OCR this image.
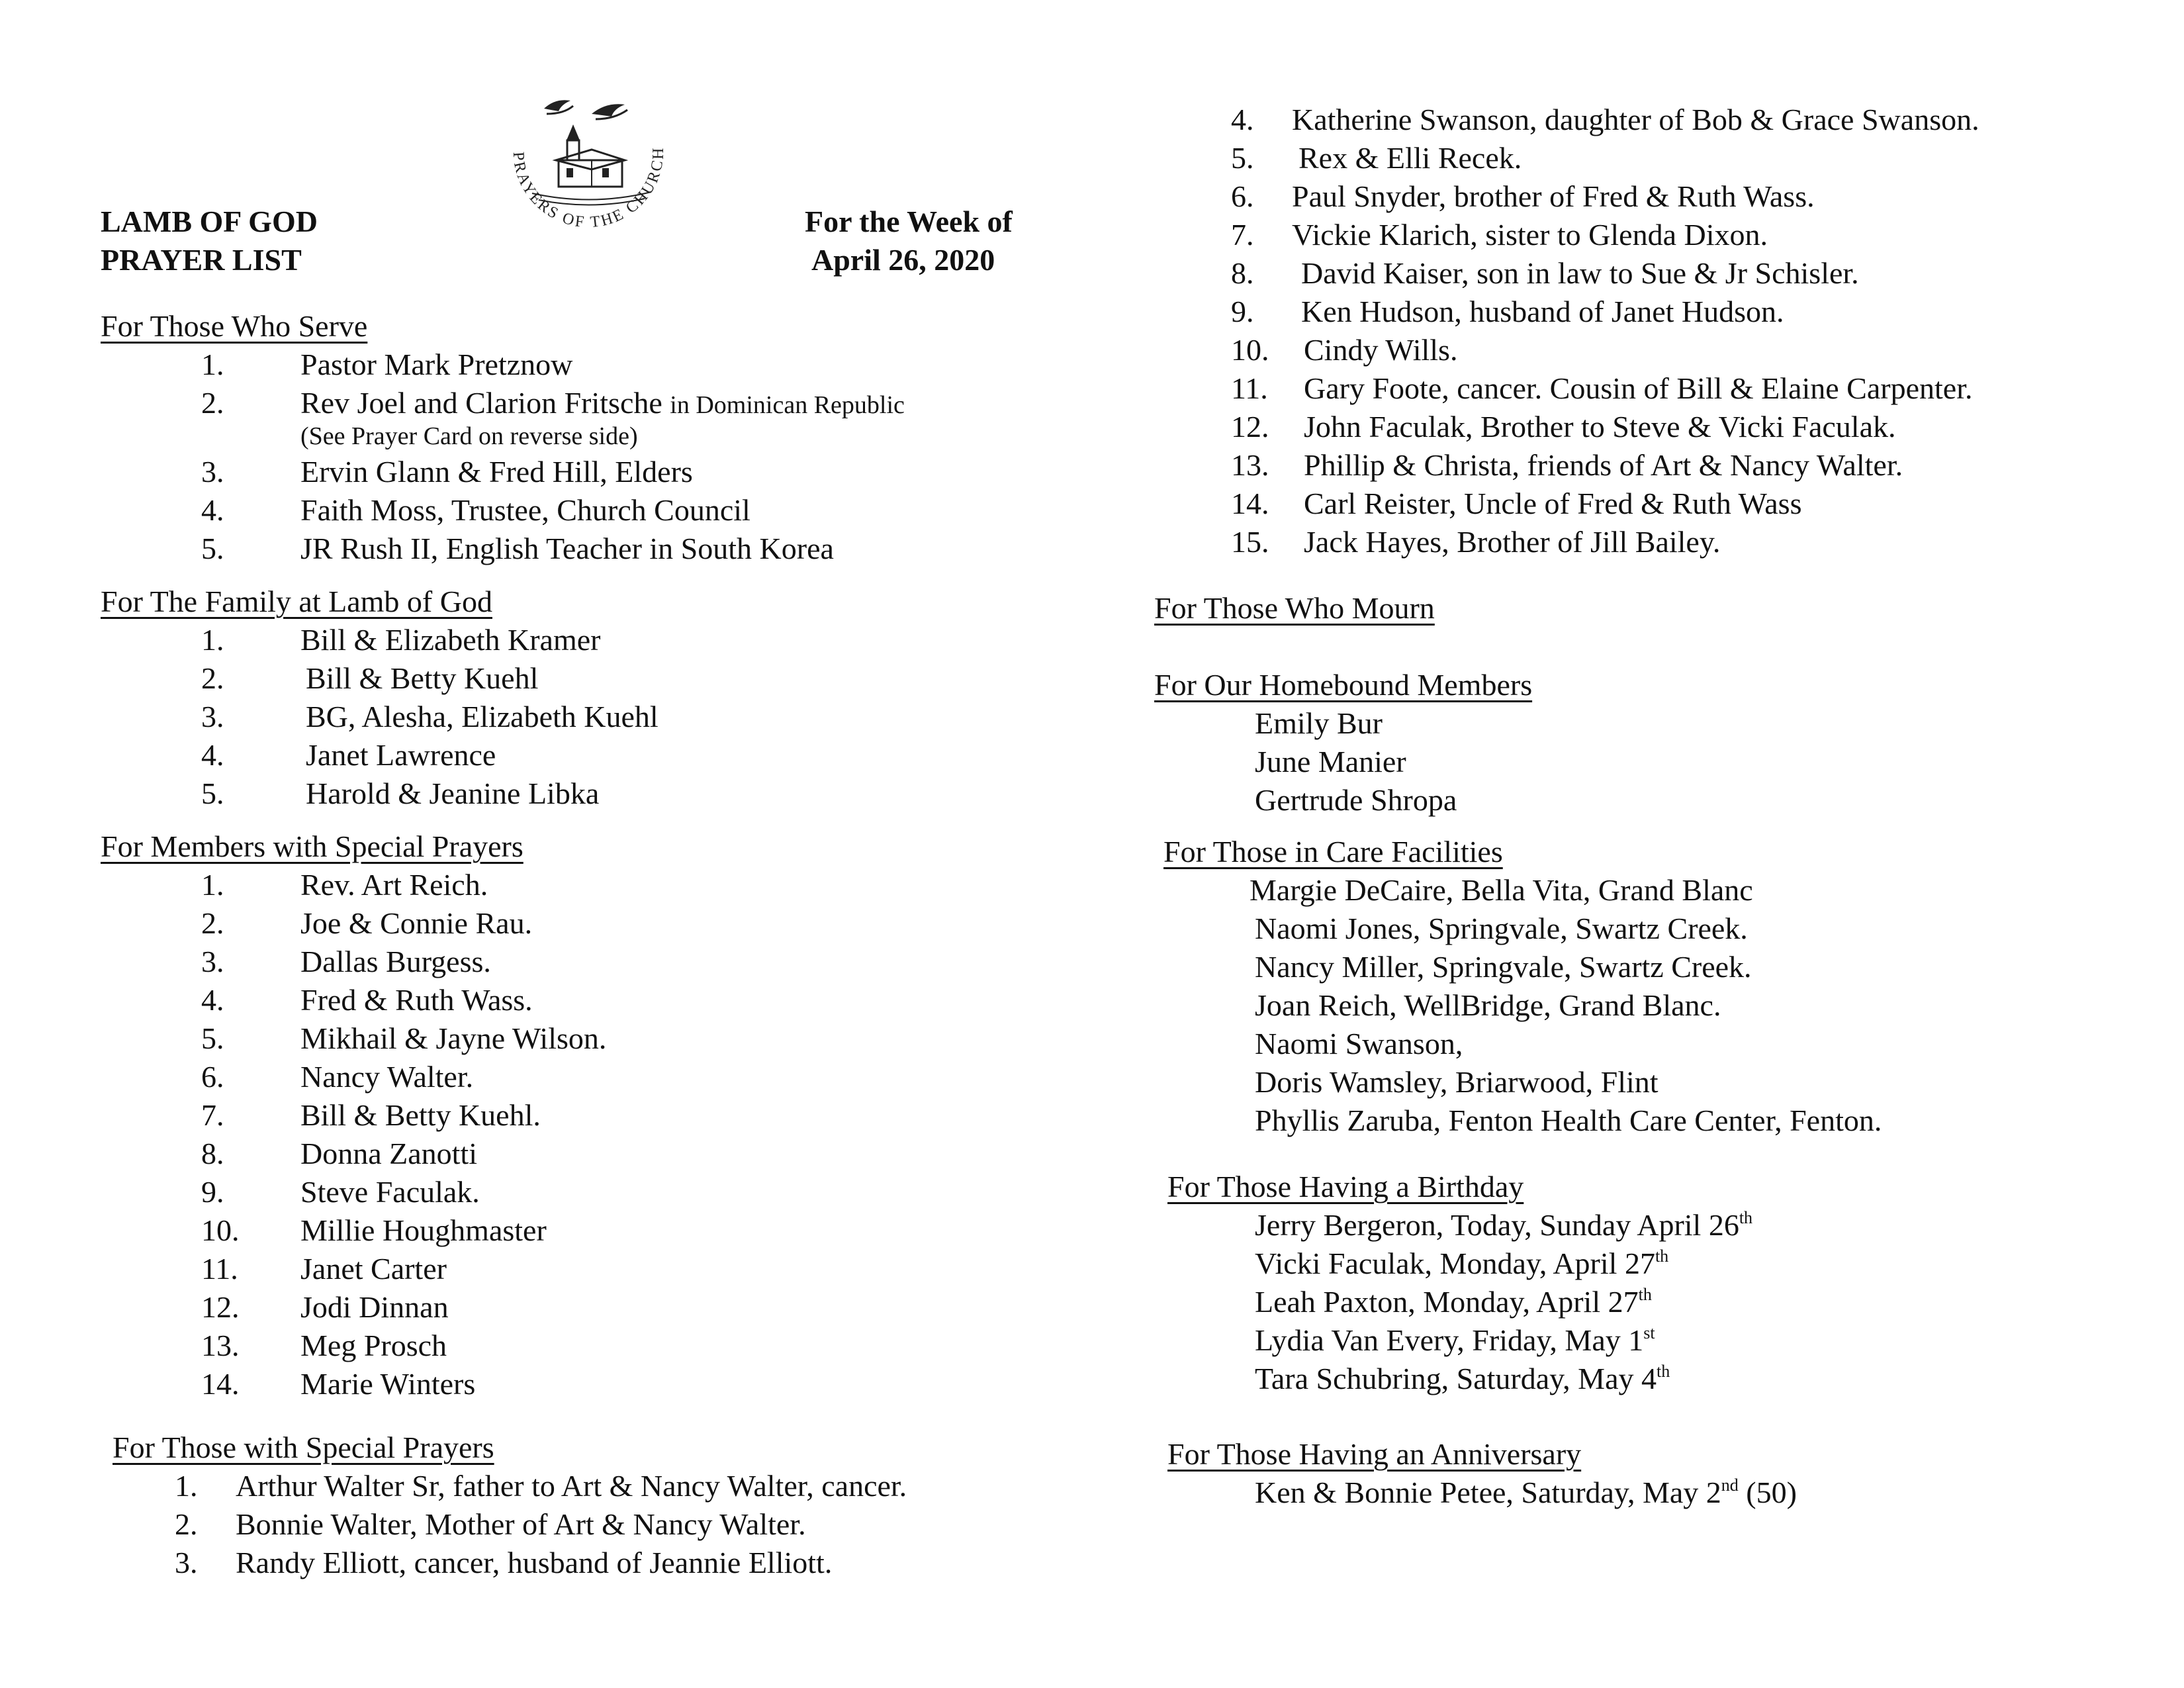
LAMB OF GOD
PRAYER LIST
For the Week of
April 26, 2020
PRAYERS OF THE CHURCH
For Those Who Serve
1.	Pastor Mark Pretznow
2.	Rev Joel and Clarion Fritsche in Dominican Republic
(See Prayer Card on reverse side)
3.	Ervin Glann & Fred Hill, Elders
4.	Faith Moss, Trustee, Church Council
5.	JR Rush II, English Teacher in South Korea
For The Family at Lamb of God
1.	Bill & Elizabeth Kramer
2.	Bill & Betty Kuehl
3.	BG, Alesha, Elizabeth Kuehl
4.	Janet Lawrence
5.	Harold & Jeanine Libka
For Members with Special Prayers
1.	Rev. Art Reich.
2.	Joe & Connie Rau.
3.	Dallas Burgess.
4.	Fred & Ruth Wass.
5.	Mikhail & Jayne Wilson.
6.	Nancy Walter.
7.	Bill & Betty Kuehl.
8.	Donna Zanotti
9.	Steve Faculak.
10. Millie Houghmaster
11. Janet Carter
12. Jodi Dinnan
13. Meg Prosch
14. Marie Winters
For Those with Special Prayers
1. Arthur Walter Sr, father to Art & Nancy Walter, cancer.
2. Bonnie Walter, Mother of Art & Nancy Walter.
3. Randy Elliott, cancer, husband of Jeannie Elliott.
4. Katherine Swanson, daughter of Bob & Grace Swanson.
5. Rex & Elli Recek.
6. Paul Snyder, brother of Fred & Ruth Wass.
7. Vickie Klarich, sister to Glenda Dixon.
8. David Kaiser, son in law to Sue & Jr Schisler.
9. Ken Hudson, husband of Janet Hudson.
10. Cindy Wills.
11. Gary Foote, cancer. Cousin of Bill & Elaine Carpenter.
12. John Faculak, Brother to Steve & Vicki Faculak.
13. Phillip & Christa, friends of Art & Nancy Walter.
14. Carl Reister, Uncle of Fred & Ruth Wass
15. Jack Hayes, Brother of Jill Bailey.
For Those Who Mourn
For Our Homebound Members
Emily Bur
June Manier
Gertrude Shropa
For Those in Care Facilities
Margie DeCaire, Bella Vita, Grand Blanc
Naomi Jones, Springvale, Swartz Creek.
Nancy Miller, Springvale, Swartz Creek.
Joan Reich, WellBridge, Grand Blanc.
Naomi Swanson,
Doris Wamsley, Briarwood, Flint
Phyllis Zaruba, Fenton Health Care Center, Fenton.
For Those Having a Birthday
Jerry Bergeron, Today, Sunday April 26th
Vicki Faculak, Monday, April 27th
Leah Paxton, Monday, April 27th
Lydia Van Every, Friday, May 1st
Tara Schubring, Saturday, May 4th
For Those Having an Anniversary
Ken & Bonnie Petee, Saturday, May 2nd (50)
